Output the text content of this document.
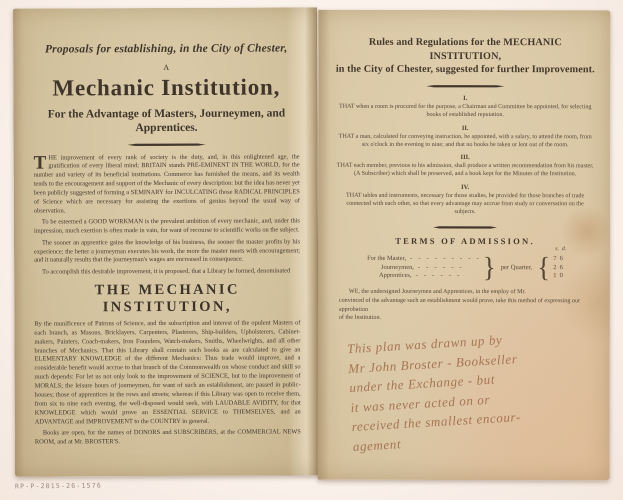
Proposals for establishing, in the City of Chester,
A
Mechanic Institution,
For the Advantage of Masters, Journeymen, and Apprentices.

THE improvement of every rank of society is the duty, and, in this enlightened age, the gratification of every liberal mind; BRITAIN stands PRE-EMINENT IN THE WORLD, for the number and variety of its beneficial institutions. Commerce has furnished the means, and its wealth tends to the encouragement and support of the Mechanic of every description: but the idea has never yet been publicly suggested of forming a SEMINARY for INCULCATING those RADICAL PRINCIPLES of Science which are necessary for assisting the exertions of genius beyond the usual way of observation.

To be esteemed a GOOD WORKMAN is the prevalent ambition of every mechanic, and, under this impression, much exertion is often made in vain, for want of recourse to scientific works on the subject.

The sooner an apprentice gains the knowledge of his business, the sooner the master profits by his experience; the better a journeyman executes his work, the more the master meets with encouragement; and it naturally results that the journeyman's wages are encreased in consequence.

To accomplish this desirable improvement, it is proposed, that a Library be formed, denominated

THE MECHANIC INSTITUTION,

By the munificence of Patrons of Science, and the subscription and interest of the opulent Masters of each branch, as Masons, Bricklayers, Carpenters, Plasterers, Ship-builders, Upholsterers, Cabinet-makers, Painters, Coach-makers, Iron Founders, Watch-makers, Smiths, Wheelwrights, and all other branches of Mechanics. That this Library shall contain such books as are calculated to give an ELEMENTARY KNOWLEDGE of the different Mechanics: Thus trade would improve, and a considerable benefit would accrue to that branch of the Commonwealth on whose conduct and skill so much depends: For let us not only look to the improvement of SCIENCE, but to the improvement of MORALS; the leisure hours of journeymen, for want of such an establishment, are passed in public-houses; those of apprentices in the rows and streets; whereas if this Library was open to receive them, from six to nine each evening, the well-disposed would seek, with LAUDABLE AVIDITY, for that KNOWLEDGE which would prove an ESSENTIAL SERVICE to THEMSELVES, and an ADVANTAGE and IMPROVEMENT to the COUNTRY in general.

Books are open, for the names of DONORS and SUBSCRIBERS, at the COMMERCIAL NEWS ROOM, and at Mr. BROSTER'S.

Rules and Regulations for the MECHANIC INSTITUTION,
in the City of Chester, suggested for further Improvement.
I.
THAT when a room is procured for the purpose, a Chairman and Committee be appointed, for selecting books of established reputation.
II.
THAT a man, calculated for conveying instruction, be appointed, with a salary, to attend the room, from six o'clock in the evening to nine; and that no books be taken or lent out of the room.
III.
THAT each member, previous to his admission, shall produce a written recommendation from his master, (A Subscriber) which shall be preserved, and a book kept for the Minutes of the Institution.
IV.
THAT tables and instruments, necessary for those studies, be provided for those branches of trade connected with each other, so that every advantage may accrue from study or conversation on the subjects.
TERMS OF ADMISSION.
For the Master, -  -  -  -  -  -  -  -  -
Journeymen, -  -  -  -  -  -
Apprentices, -  -  -  -  -  - } per Quarter, {
s.  d.
7  6
2  6
1  0
WE, the undersigned Journeymen and Apprentices, in the employ of Mr.
convinced of the advantage such an establishment would prove, take this method of expressing our approbation
of the Institution.
This plan was drawn up by
Mr John Broster - Bookseller
under the Exchange - but
it was never acted on or
received the smallest encour-
agement
RP-P-2015-26-1576
